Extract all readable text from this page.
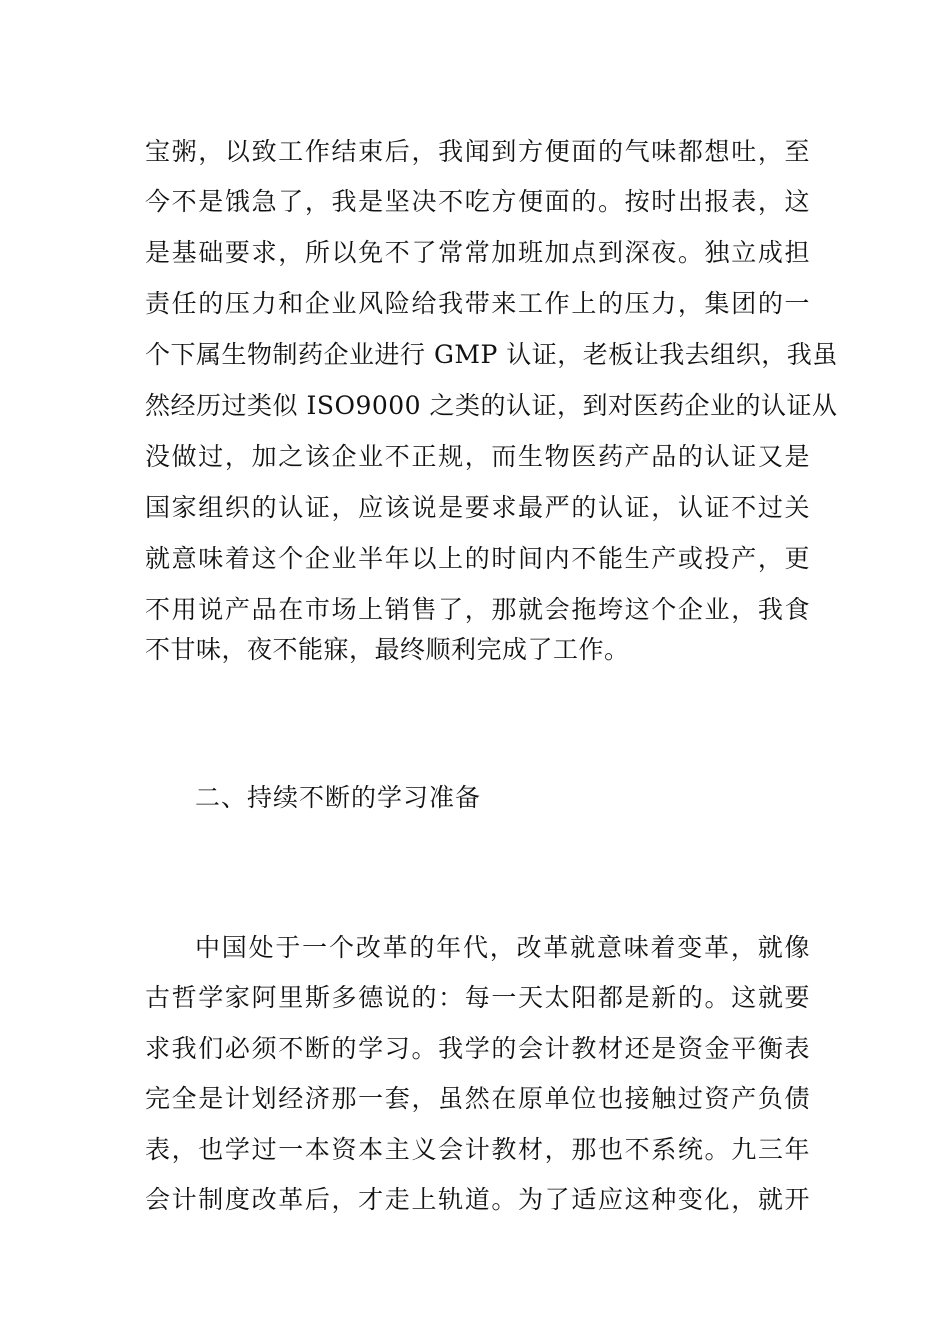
宝粥，以致工作结束后，我闻到方便面的气味都想吐，至
今不是饿急了，我是坚决不吃方便面的。按时出报表，这
是基础要求，所以免不了常常加班加点到深夜。独立成担
责任的压力和企业风险给我带来工作上的压力，集团的一
个下属生物制药企业进行 GMP 认证，老板让我去组织，我虽
然经历过类似 ISO9000 之类的认证，到对医药企业的认证从
没做过，加之该企业不正规，而生物医药产品的认证又是
国家组织的认证，应该说是要求最严的认证，认证不过关
就意味着这个企业半年以上的时间内不能生产或投产，更
不用说产品在市场上销售了，那就会拖垮这个企业，我食
不甘味，夜不能寐，最终顺利完成了工作。
二、持续不断的学习准备
中国处于一个改革的年代，改革就意味着变革，就像
古哲学家阿里斯多德说的：每一天太阳都是新的。这就要
求我们必须不断的学习。我学的会计教材还是资金平衡表
完全是计划经济那一套，虽然在原单位也接触过资产负债
表，也学过一本资本主义会计教材，那也不系统。九三年
会计制度改革后，才走上轨道。为了适应这种变化，就开
